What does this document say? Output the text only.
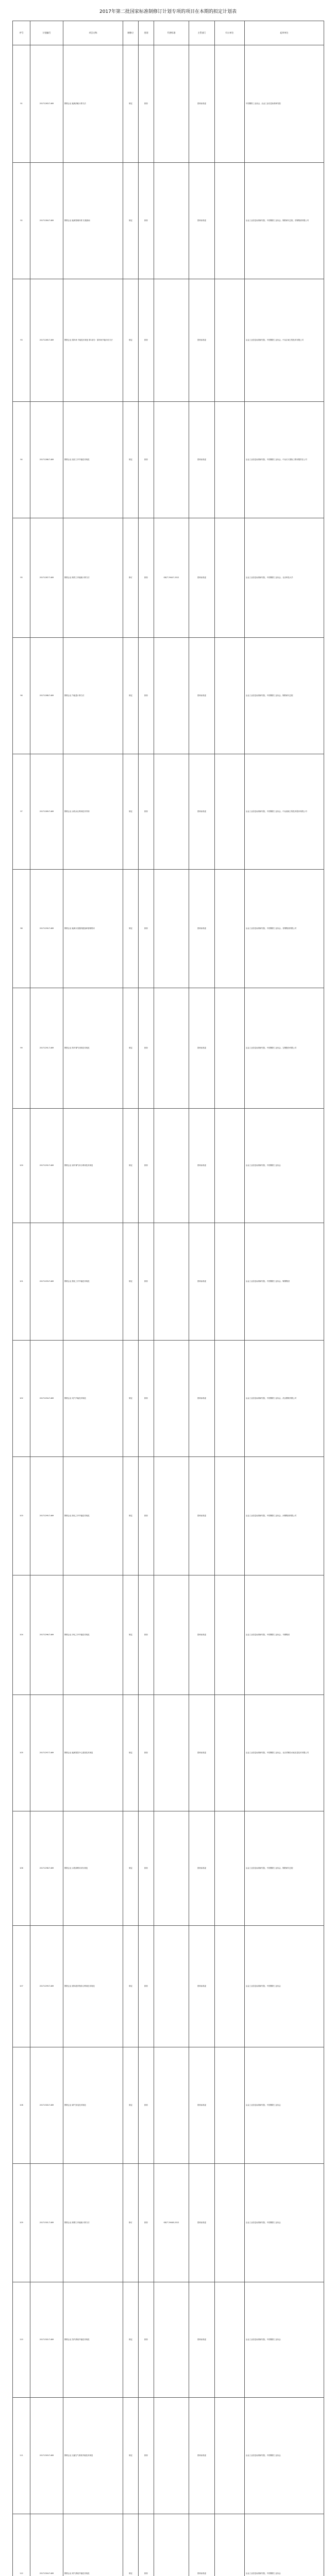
2017年第二批国家标准制修订计划专项的项目在本期的拟定计划表
序号	计划编号	项目名称	制修订	类别	代替标准	主管部门	归口单位	起草单位
91	20171283-T-469	钢铁企业 能源消耗计算方法	制定	推荐		国家标准委		中国钢铁工业协会、冶金工业信息标准研究院
92	20171284-T-469	钢铁企业 能源管理体系 实施指南	制定	推荐		国家标准委		冶金工业信息标准研究院、中国钢铁工业协会、钢铁研究总院、首钢集团有限公司
93	20171285-T-469	钢铁企业 原料场 节能技术规范 第1部分：原料场节能评价方法	制定	推荐		国家标准委		冶金工业信息标准研究院、中国钢铁工业协会、中冶京诚工程技术有限公司
94	20171286-T-469	钢铁企业 烧结工序节能技术规范	制定	推荐		国家标准委		冶金工业信息标准研究院、中国钢铁工业协会、中冶长天国际工程有限责任公司
95	20171287-T-469	钢铁企业 炼铁工序能耗计算方法	修订	推荐	GB/T 29447-2012	国家标准委		冶金工业信息标准研究院、中国钢铁工业协会、北京科技大学
96	20171288-T-469	钢铁企业 节能量计算方法	制定	推荐		国家标准委		冶金工业信息标准研究院、中国钢铁工业协会、钢铁研究总院
97	20171289-T-469	钢铁企业 余热余压利用技术导则	制定	推荐		国家标准委		冶金工业信息标准研究院、中国钢铁工业协会、中冶赛迪工程技术股份有限公司
98	20171290-T-469	钢铁企业 能源计量器具配备和管理要求	制定	推荐		国家标准委		冶金工业信息标准研究院、中国钢铁工业协会、首钢集团有限公司
99	20171291-T-469	钢铁企业 转炉煤气回收技术规范	制定	推荐		国家标准委		冶金工业信息标准研究院、中国钢铁工业协会、宝钢股份有限公司
100	20171292-T-469	钢铁企业 高炉煤气综合利用技术规范	制定	推荐		国家标准委		冶金工业信息标准研究院、中国钢铁工业协会
101	20171293-T-469	钢铁企业 焦化工序节能技术规范	制定	推荐		国家标准委		冶金工业信息标准研究院、中国钢铁工业协会、鞍钢集团
102	20171294-T-469	钢铁企业 电气节能技术规范	制定	推荐		国家标准委		冶金工业信息标准研究院、中国钢铁工业协会、武汉钢铁有限公司
103	20171295-T-469	钢铁企业 热轧工序节能技术规范	制定	推荐		国家标准委		冶金工业信息标准研究院、中国钢铁工业协会、河钢集团有限公司
104	20171296-T-469	钢铁企业 冷轧工序节能技术规范	制定	推荐		国家标准委		冶金工业信息标准研究院、中国钢铁工业协会、马钢集团
105	20171297-T-469	钢铁企业 能源管控中心建设技术规范	制定	推荐		国家标准委		冶金工业信息标准研究院、中国钢铁工业协会、北京首钢自动化信息技术有限公司
106	20171298-T-469	钢铁企业 水资源利用评价规范	制定	推荐		国家标准委		冶金工业信息标准研究院、中国钢铁工业协会、钢铁研究总院
107	20171299-T-469	钢铁企业 固体废弃物综合利用技术规范	制定	推荐		国家标准委		冶金工业信息标准研究院、中国钢铁工业协会
108	20171300-T-469	钢铁企业 煤气发电技术规范	制定	推荐		国家标准委		冶金工业信息标准研究院、中国钢铁工业协会
109	20171301-T-469	钢铁企业 炼钢工序能耗计算方法	修订	推荐	GB/T 29448-2012	国家标准委		冶金工业信息标准研究院、中国钢铁工业协会
110	20171302-T-469	钢铁企业 蒸汽系统节能技术规范	制定	推荐		国家标准委		冶金工业信息标准研究院、中国钢铁工业协会
111	20171303-T-469	钢铁企业 压缩空气系统节能技术规范	制定	推荐		国家标准委		冶金工业信息标准研究院、中国钢铁工业协会
112	20171304-T-469	钢铁企业 氧气系统节能技术规范	制定	推荐		国家标准委		冶金工业信息标准研究院、中国钢铁工业协会
